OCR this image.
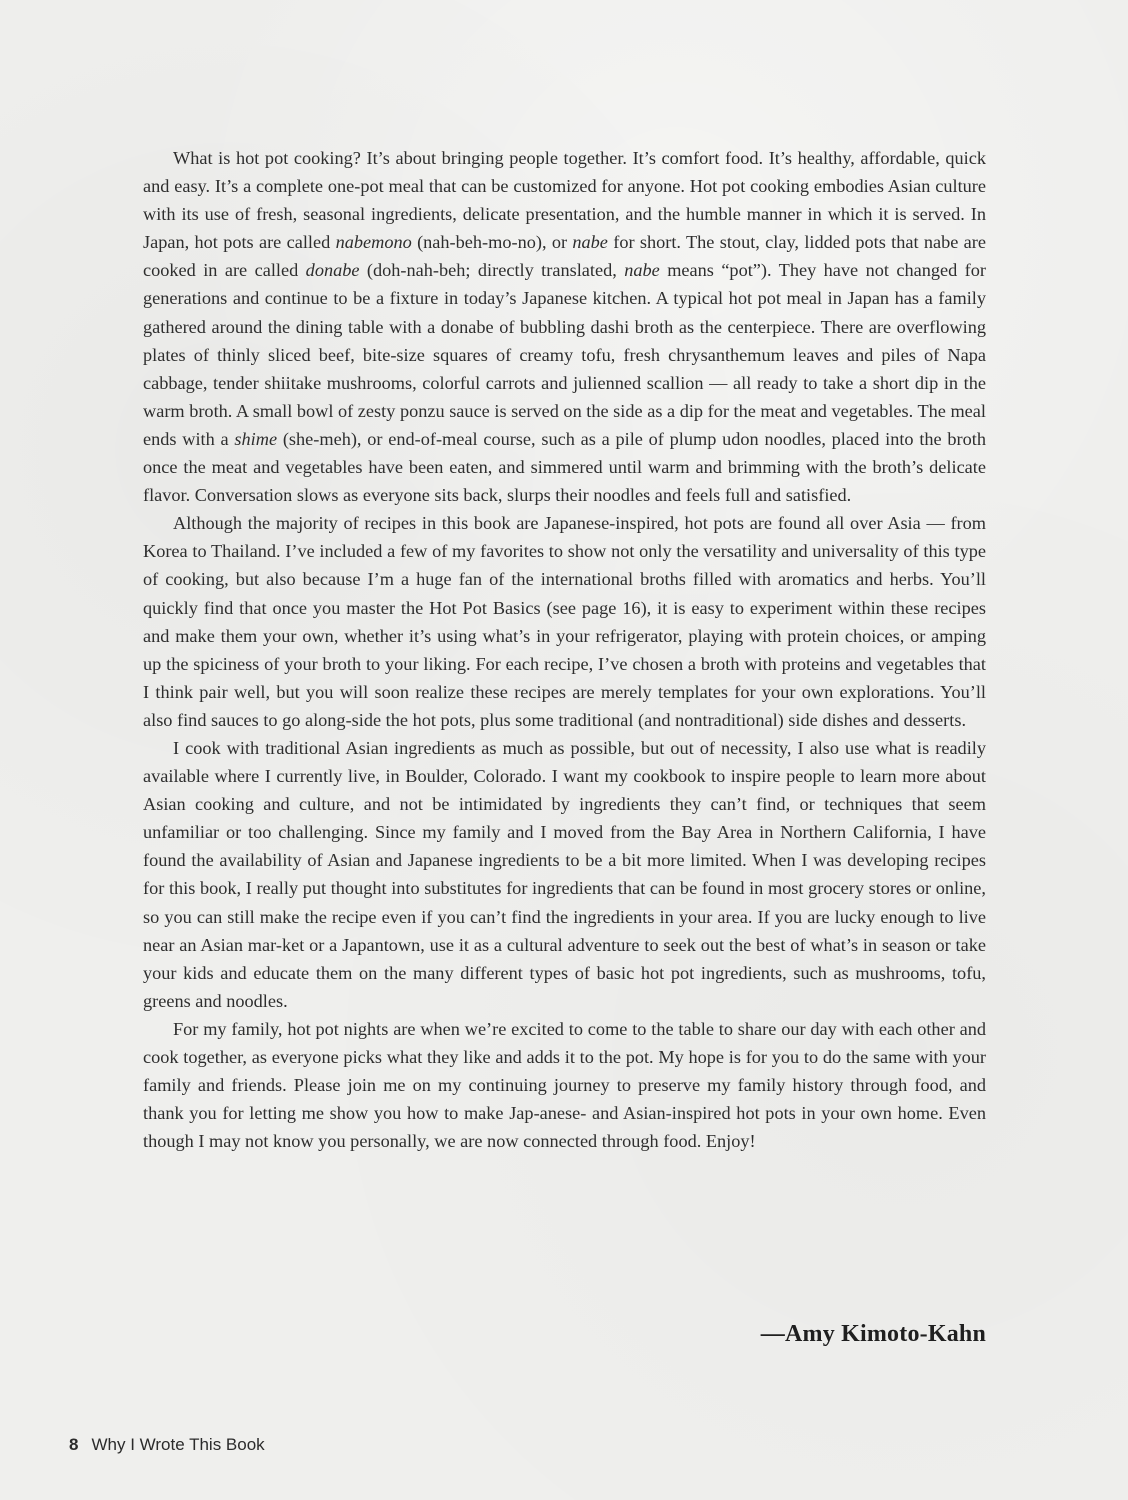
What is hot pot cooking? It’s about bringing people together. It’s comfort food. It’s healthy, affordable, quick and easy. It’s a complete one-pot meal that can be customized for anyone. Hot pot cooking embodies Asian culture with its use of fresh, seasonal ingredients, delicate presentation, and the humble manner in which it is served. In Japan, hot pots are called nabemono (nah-beh-mo-no), or nabe for short. The stout, clay, lidded pots that nabe are cooked in are called donabe (doh-nah-beh; directly translated, nabe means “pot”). They have not changed for generations and continue to be a fixture in today’s Japanese kitchen. A typical hot pot meal in Japan has a family gathered around the dining table with a donabe of bubbling dashi broth as the centerpiece. There are overflowing plates of thinly sliced beef, bite-size squares of creamy tofu, fresh chrysanthemum leaves and piles of Napa cabbage, tender shiitake mushrooms, colorful carrots and julienned scallion — all ready to take a short dip in the warm broth. A small bowl of zesty ponzu sauce is served on the side as a dip for the meat and vegetables. The meal ends with a shime (she-meh), or end-of-meal course, such as a pile of plump udon noodles, placed into the broth once the meat and vegetables have been eaten, and simmered until warm and brimming with the broth’s delicate flavor. Conversation slows as everyone sits back, slurps their noodles and feels full and satisfied.

Although the majority of recipes in this book are Japanese-inspired, hot pots are found all over Asia — from Korea to Thailand. I’ve included a few of my favorites to show not only the versatility and universality of this type of cooking, but also because I’m a huge fan of the international broths filled with aromatics and herbs. You’ll quickly find that once you master the Hot Pot Basics (see page 16), it is easy to experiment within these recipes and make them your own, whether it’s using what’s in your refrigerator, playing with protein choices, or amping up the spiciness of your broth to your liking. For each recipe, I’ve chosen a broth with proteins and vegetables that I think pair well, but you will soon realize these recipes are merely templates for your own explorations. You’ll also find sauces to go along-side the hot pots, plus some traditional (and nontraditional) side dishes and desserts.

I cook with traditional Asian ingredients as much as possible, but out of necessity, I also use what is readily available where I currently live, in Boulder, Colorado. I want my cookbook to inspire people to learn more about Asian cooking and culture, and not be intimidated by ingredients they can’t find, or techniques that seem unfamiliar or too challenging. Since my family and I moved from the Bay Area in Northern California, I have found the availability of Asian and Japanese ingredients to be a bit more limited. When I was developing recipes for this book, I really put thought into substitutes for ingredients that can be found in most grocery stores or online, so you can still make the recipe even if you can’t find the ingredients in your area. If you are lucky enough to live near an Asian mar-ket or a Japantown, use it as a cultural adventure to seek out the best of what’s in season or take your kids and educate them on the many different types of basic hot pot ingredients, such as mushrooms, tofu, greens and noodles.

For my family, hot pot nights are when we’re excited to come to the table to share our day with each other and cook together, as everyone picks what they like and adds it to the pot. My hope is for you to do the same with your family and friends. Please join me on my continuing journey to preserve my family history through food, and thank you for letting me show you how to make Jap-anese- and Asian-inspired hot pots in your own home. Even though I may not know you personally, we are now connected through food. Enjoy!

—Amy Kimoto-Kahn
8 Why I Wrote This Book
